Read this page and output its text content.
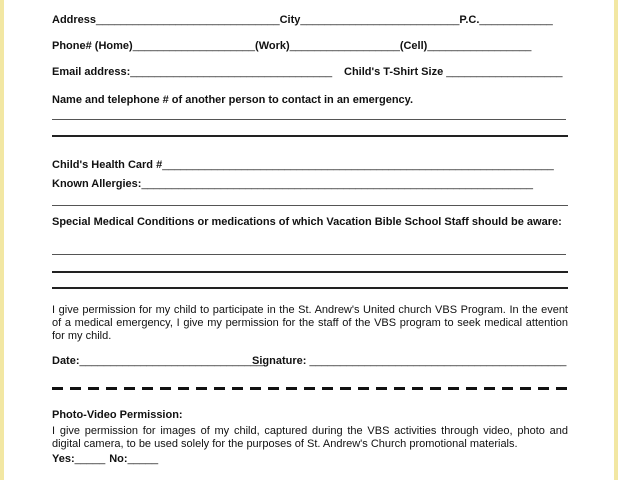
Address______________________________City__________________________P.C.____________
Phone# (Home)____________________(Work)__________________(Cell)_________________
Email address:_________________________________ Child's T-Shirt Size ___________________
Name and telephone # of another person to contact in an emergency.
Child's Health Card #________________________________________________________________
Known Allergies:________________________________________________________________
Special Medical Conditions or medications of which Vacation Bible School Staff should be aware:
I give permission for my child to participate in the St. Andrew's United church VBS Program. In the event of a medical emergency, I give my permission for the staff of the VBS program to seek medical attention for my child.
Date:______________________________
Signature: __________________________________________
Photo-Video Permission:
I give permission for images of my child, captured during the VBS activities through video, photo and digital camera, to be used solely for the purposes of St. Andrew's Church promotional materials.
Yes:_____ No:_____
